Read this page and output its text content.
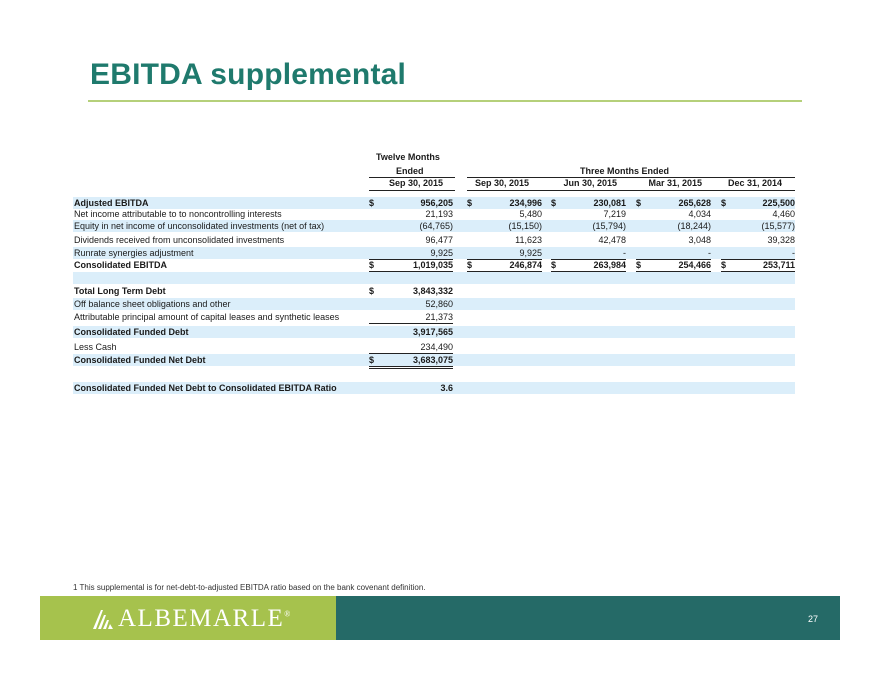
EBITDA supplemental
Twelve Months
Ended	Three Months Ended
Sep 30, 2015	Sep 30, 2015	Jun 30, 2015	Mar 31, 2015	Dec 31, 2014
Adjusted EBITDA	$	956,205 $	234,996 $	230,081 $	265,628 $	225,500
Net income attributable to to noncontrolling interests	21,193	5,480	7,219	4,034	4,460
Equity in net income of unconsolidated investments (net of tax)	(64,765)	(15,150)	(15,794)	(18,244)	(15,577)
Dividends received from unconsolidated investments	96,477	11,623	42,478	3,048	39,328
Runrate synergies adjustment	9,925	9,925	-	-	-
Consolidated EBITDA	$	1,019,035 $	246,874 $	263,984 $	254,466 $	253,711
Total Long Term Debt	$	3,843,332
Off balance sheet obligations and other	52,860
Attributable principal amount of capital leases and synthetic leases	21,373
Consolidated Funded Debt	3,917,565
Less Cash	234,490
Consolidated Funded Net Debt	$	3,683,075
Consolidated Funded Net Debt to Consolidated EBITDA Ratio	3.6
1 This supplemental is for net-debt-to-adjusted EBITDA ratio based on the bank covenant definition.
ALBEMARLE®	27
